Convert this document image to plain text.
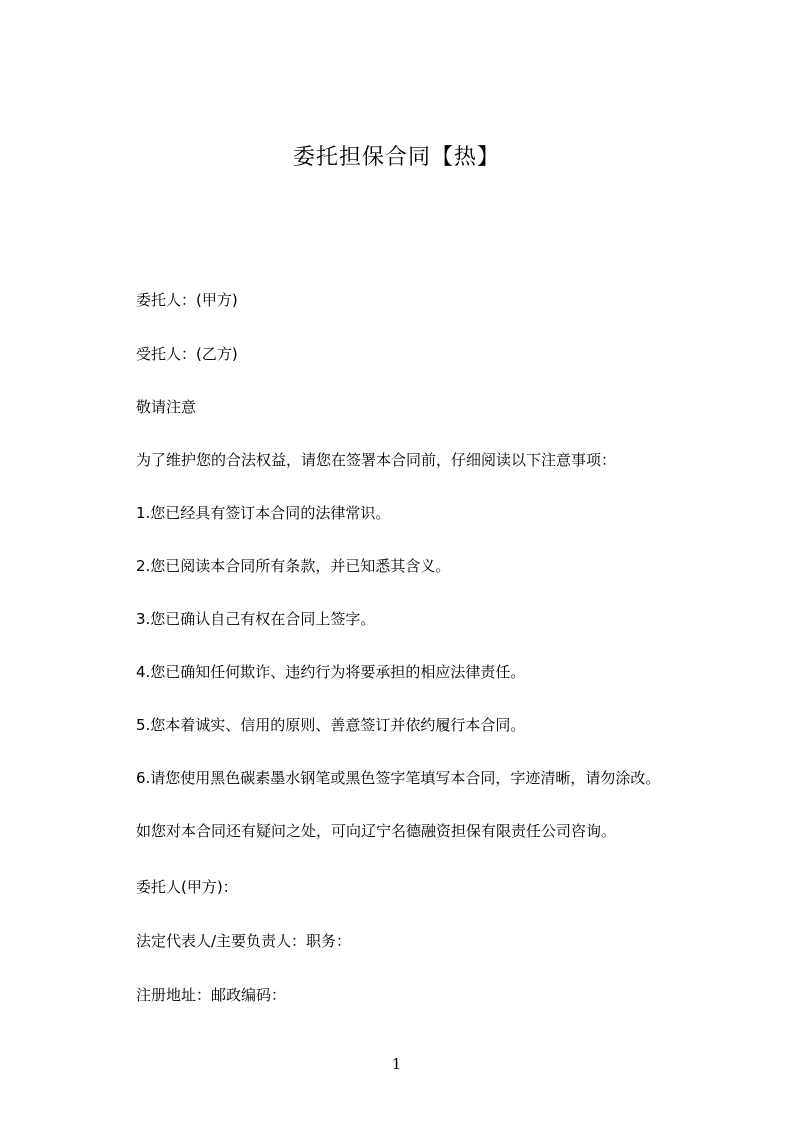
委托担保合同【热】

委托人：(甲方)

受托人：(乙方)

敬请注意

为了维护您的合法权益，请您在签署本合同前，仔细阅读以下注意事项：

1.您已经具有签订本合同的法律常识。

2.您已阅读本合同所有条款，并已知悉其含义。

3.您已确认自己有权在合同上签字。

4.您已确知任何欺诈、违约行为将要承担的相应法律责任。

5.您本着诚实、信用的原则、善意签订并依约履行本合同。

6.请您使用黑色碳素墨水钢笔或黑色签字笔填写本合同，字迹清晰，请勿涂改。

如您对本合同还有疑问之处，可向辽宁名德融资担保有限责任公司咨询。

委托人(甲方)：

法定代表人/主要负责人：职务：

注册地址：邮政编码：

1
